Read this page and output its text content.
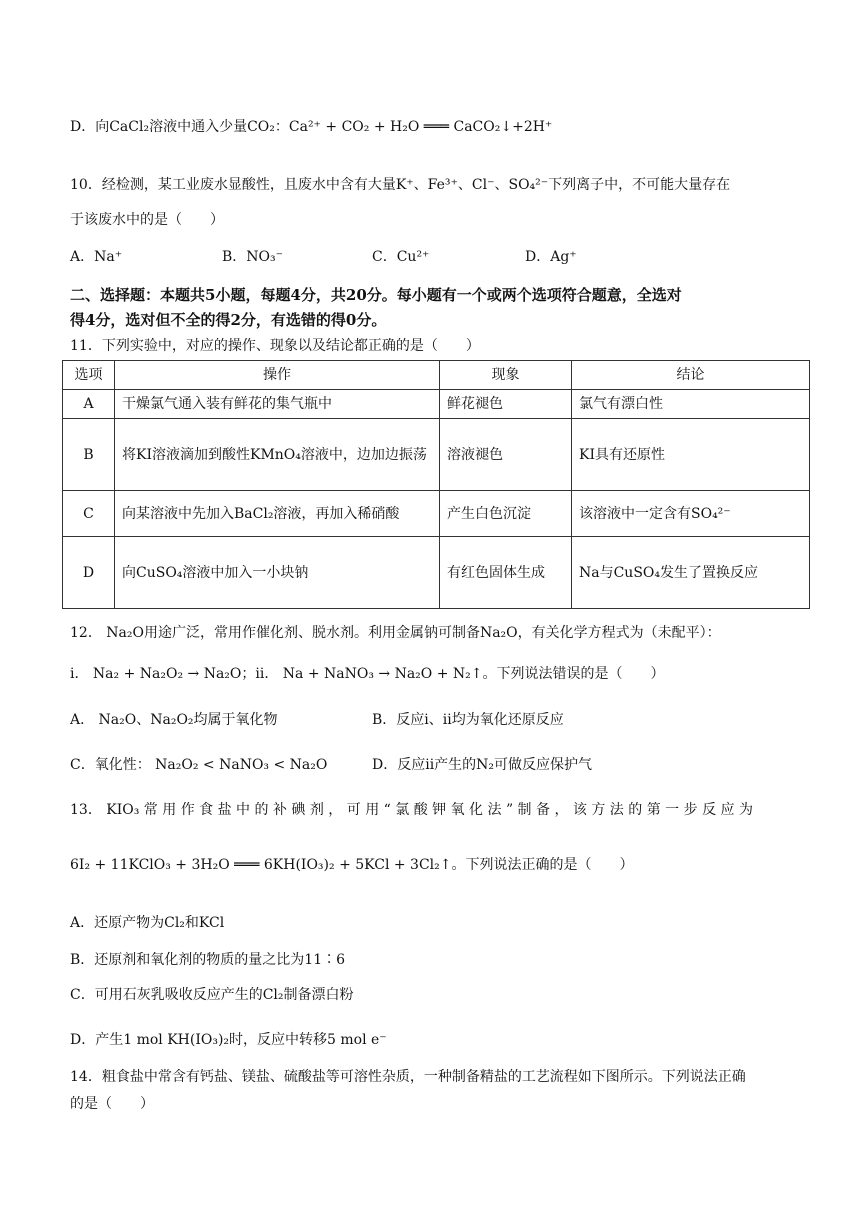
D．向CaCl₂溶液中通入少量CO₂：Ca²⁺ + CO₂ + H₂O ═══ CaCO₂↓+2H⁺
10．经检测，某工业废水显酸性，且废水中含有大量K⁺、Fe³⁺、Cl⁻、SO₄²⁻下列离子中，不可能大量存在
于该废水中的是（　　）
A．Na⁺	B．NO₃⁻	C．Cu²⁺	D．Ag⁺
二、选择题：本题共5小题，每题4分，共20分。每小题有一个或两个选项符合题意，全选对
得4分，选对但不全的得2分，有选错的得0分。
11．下列实验中，对应的操作、现象以及结论都正确的是（　　）
选项	操作	现象	结论
A	干燥氯气通入装有鲜花的集气瓶中	鲜花褪色	氯气有漂白性
B	将KI溶液滴加到酸性KMnO₄溶液中，边加边振荡	溶液褪色	KI具有还原性
C	向某溶液中先加入BaCl₂溶液，再加入稀硝酸	产生白色沉淀	该溶液中一定含有SO₄²⁻
D	向CuSO₄溶液中加入一小块钠	有红色固体生成	Na与CuSO₄发生了置换反应
12． Na₂O用途广泛，常用作催化剂、脱水剂。利用金属钠可制备Na₂O，有关化学方程式为（未配平）：
ⅰ． Na₂ + Na₂O₂ → Na₂O；ⅱ． Na + NaNO₃ → Na₂O + N₂↑。下列说法错误的是（　　）
A． Na₂O、Na₂O₂均属于氧化物	B．反应ⅰ、ⅱ均为氧化还原反应
C．氧化性： Na₂O₂ < NaNO₃ < Na₂O	D．反应ⅱ产生的N₂可做反应保护气
13． KIO₃ 常 用 作 食 盐 中 的 补 碘 剂 ， 可 用 “ 氯 酸 钾 氧 化 法 ” 制 备 ， 该 方 法 的 第 一 步 反 应 为
6I₂ + 11KClO₃ + 3H₂O ═══ 6KH(IO₃)₂ + 5KCl + 3Cl₂↑。下列说法正确的是（　　）
A．还原产物为Cl₂和KCl
B．还原剂和氧化剂的物质的量之比为11∶6
C．可用石灰乳吸收反应产生的Cl₂制备漂白粉
D．产生1 mol KH(IO₃)₂时，反应中转移5 mol e⁻
14．粗食盐中常含有钙盐、镁盐、硫酸盐等可溶性杂质，一种制备精盐的工艺流程如下图所示。下列说法正确
的是（　　）
